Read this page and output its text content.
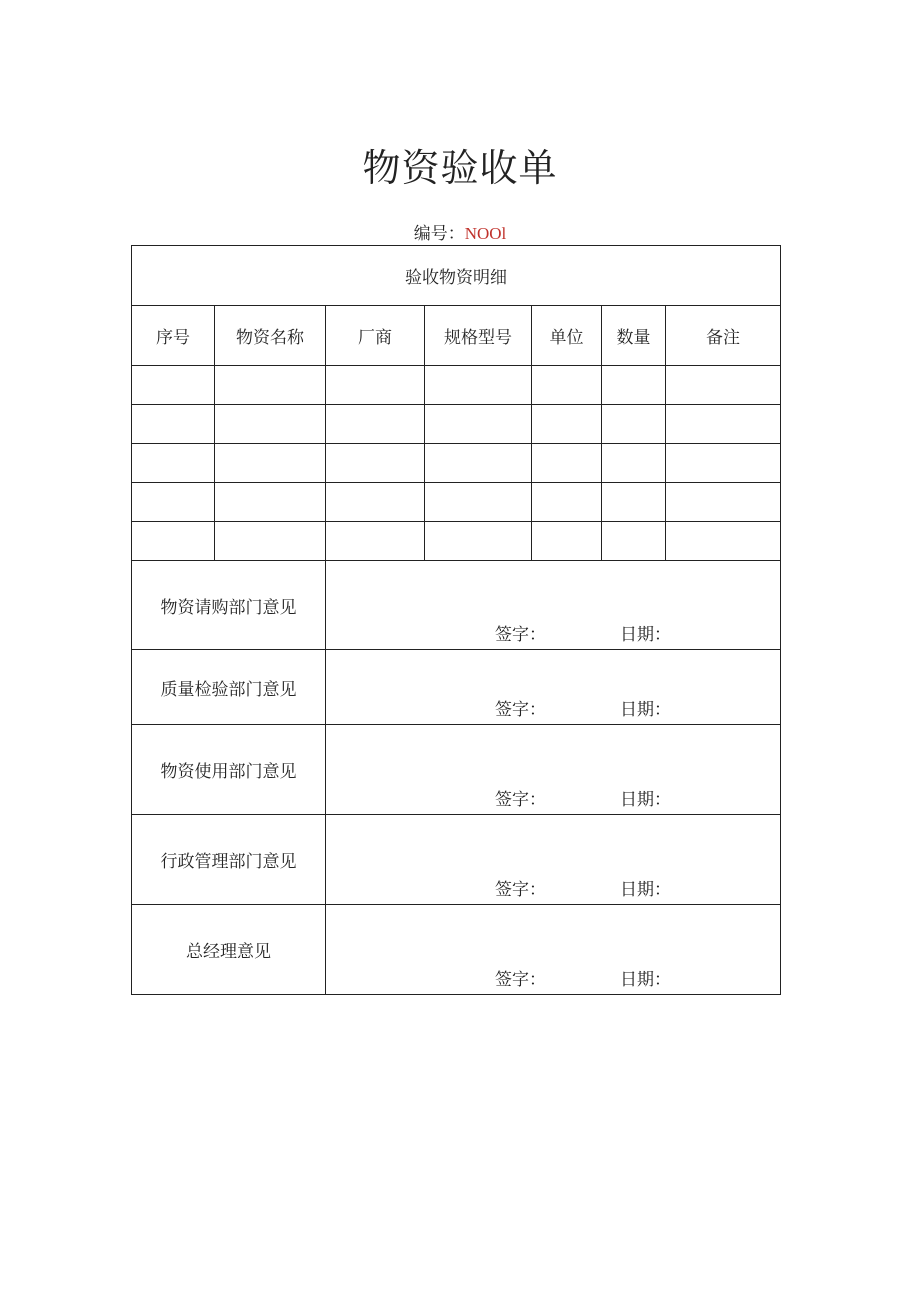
物资验收单
编号：NOOl
验收物资明细						
序号	物资名称	厂商	规格型号	单位	数量	备注

物资请购部门意见		签字： 日期：				

质量检验部门意见		签字： 日期：				

物资使用部门意见		签字： 日期：				

行政管理部门意见		签字： 日期：				

总经理意见		签字： 日期：				
